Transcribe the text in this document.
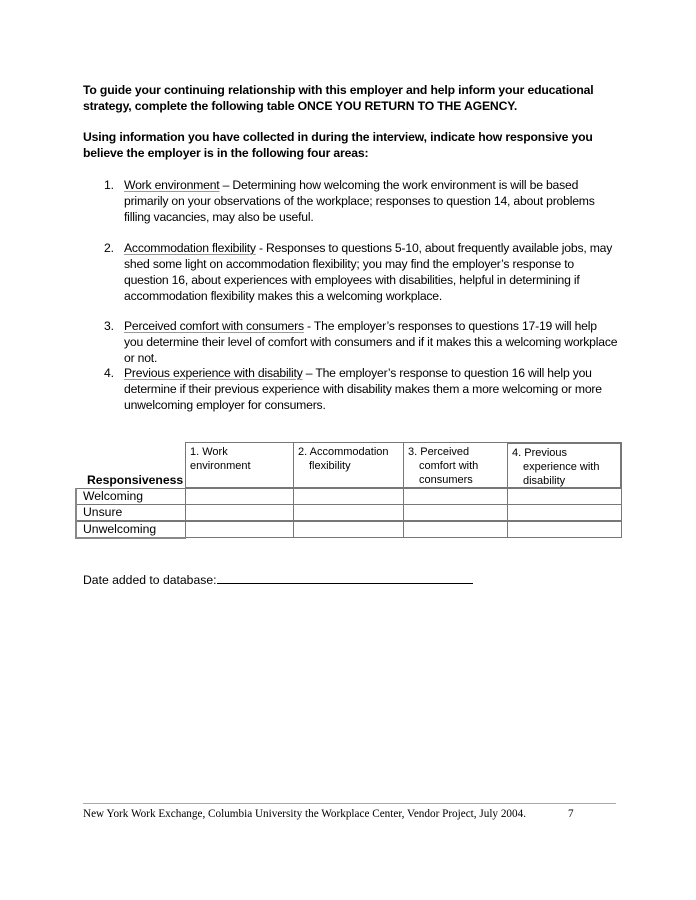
To guide your continuing relationship with this employer and help inform your educational strategy, complete the following table ONCE YOU RETURN TO THE AGENCY.
Using information you have collected in during the interview, indicate how responsive you believe the employer is in the following four areas:
1. Work environment – Determining how welcoming the work environment is will be based primarily on your observations of the workplace; responses to question 14, about problems filling vacancies, may also be useful.
2. Accommodation flexibility - Responses to questions 5-10, about frequently available jobs, may shed some light on accommodation flexibility; you may find the employer’s response to question 16, about experiences with employees with disabilities, helpful in determining if accommodation flexibility makes this a welcoming workplace.
3. Perceived comfort with consumers - The employer’s responses to questions 17-19 will help you determine their level of comfort with consumers and if it makes this a welcoming workplace or not.
4. Previous experience with disability – The employer’s response to question 16 will help you determine if their previous experience with disability makes them a more welcoming or more unwelcoming employer for consumers.
Responsiveness
1. Work environment
2. Accommodation
flexibility
3. Perceived
comfort with consumers
4. Previous
experience with disability
Welcoming
Unsure
Unwelcoming
Date added to database:
New York Work Exchange, Columbia University the Workplace Center, Vendor Project, July 2004.	7
